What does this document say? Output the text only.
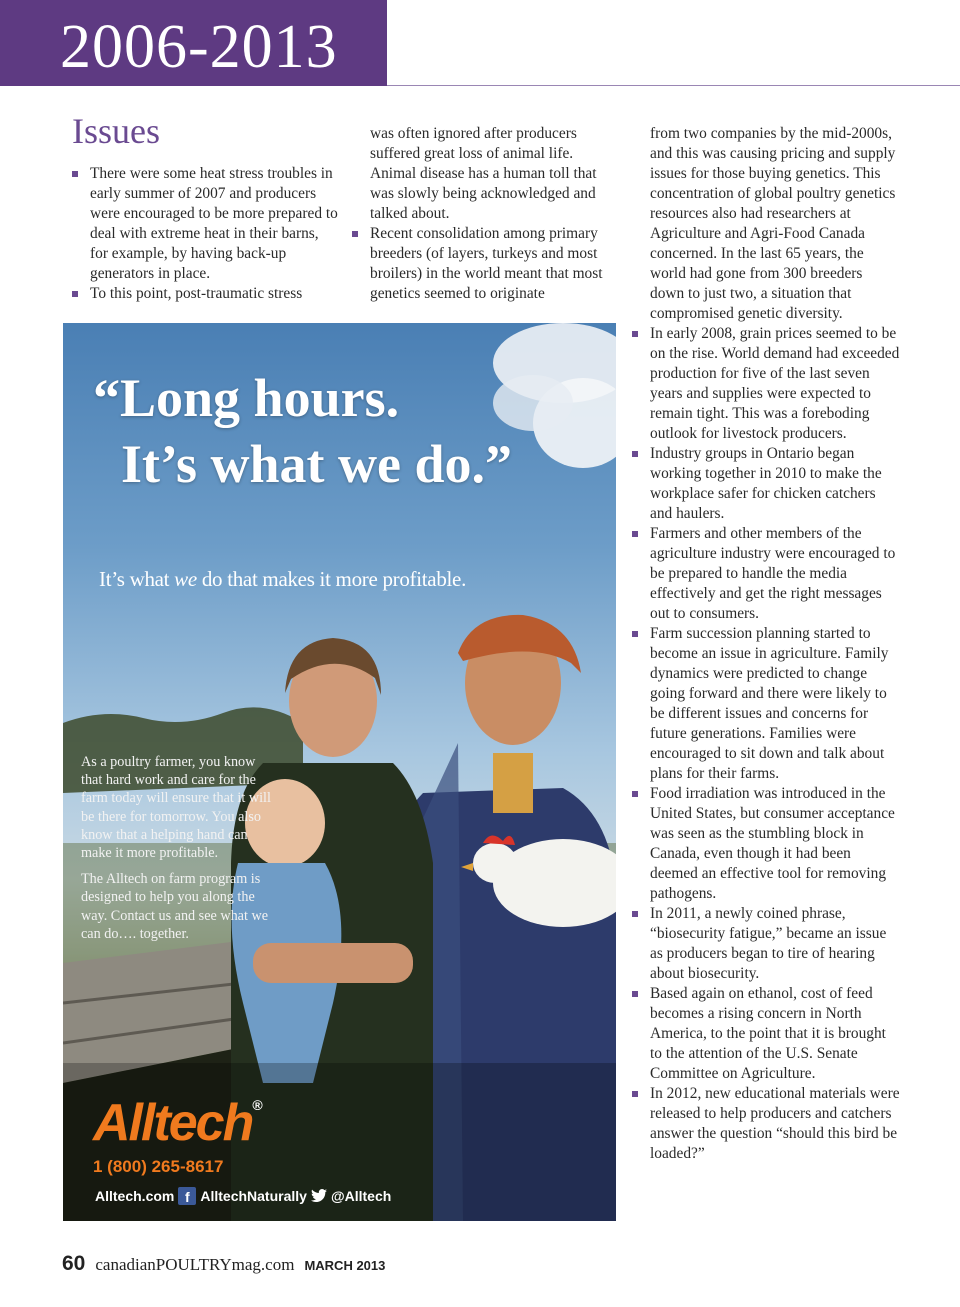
2006-2013
Issues
There were some heat stress troubles in early summer of 2007 and producers were encouraged to be more prepared to deal with extreme heat in their barns, for example, by having back-up generators in place.
To this point, post-traumatic stress
was often ignored after producers suffered great loss of animal life. Animal disease has a human toll that was slowly being acknowledged and talked about.
Recent consolidation among primary breeders (of layers, turkeys and most broilers) in the world meant that most genetics seemed to originate
from two companies by the mid-2000s, and this was causing pricing and supply issues for those buying genetics. This concentration of global poultry genetics resources also had researchers at Agriculture and Agri-Food Canada concerned. In the last 65 years, the world had gone from 300 breeders down to just two, a situation that compromised genetic diversity.
In early 2008, grain prices seemed to be on the rise. World demand had exceeded production for five of the last seven years and supplies were expected to remain tight. This was a foreboding outlook for livestock producers.
Industry groups in Ontario began working together in 2010 to make the workplace safer for chicken catchers and haulers.
Farmers and other members of the agriculture industry were encouraged to be prepared to handle the media effectively and get the right messages out to consumers.
Farm succession planning started to become an issue in agriculture. Family dynamics were predicted to change going forward and there were likely to be different issues and concerns for future generations. Families were encouraged to sit down and talk about plans for their farms.
Food irradiation was introduced in the United States, but consumer acceptance was seen as the stumbling block in Canada, even though it had been deemed an effective tool for removing pathogens.
In 2011, a newly coined phrase, “biosecurity fatigue,” became an issue as producers began to tire of hearing about biosecurity.
Based again on ethanol, cost of feed becomes a rising concern in North America, to the point that it is brought to the attention of the U.S. Senate Committee on Agriculture.
In 2012, new educational materials were released to help producers and catchers answer the question “should this bird be loaded?”
“Long hours.
It’s what we do.”
It’s what we do that makes it more profitable.

As a poultry farmer, you know that hard work and care for the farm today will ensure that it will be there for tomorrow. You also know that a helping hand can make it more profitable.

The Alltech on farm program is designed to help you along the way. Contact us and see what we can do…. together.

Alltech®
1 (800) 265-8617
Alltech.com f AlltechNaturally @Alltech
60 canadianPOULTRYmag.com MARCH 2013
